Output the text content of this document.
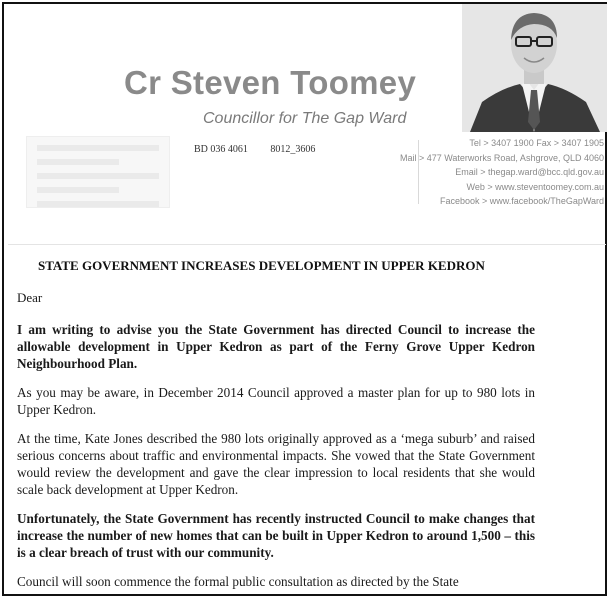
Cr Steven Toomey
Councillor for The Gap Ward
BD 036 4061 8012_3606
Tel > 3407 1900 Fax > 3407 1905
Mail > 477 Waterworks Road, Ashgrove, QLD 4060
Email > thegap.ward@bcc.qld.gov.au
Web > www.steventoomey.com.au
Facebook > www.facebook/TheGapWard
STATE GOVERNMENT INCREASES DEVELOPMENT IN UPPER KEDRON
Dear

I am writing to advise you the State Government has directed Council to increase the allowable development in Upper Kedron as part of the Ferny Grove Upper Kedron Neighbourhood Plan.

As you may be aware, in December 2014 Council approved a master plan for up to 980 lots in Upper Kedron.

At the time, Kate Jones described the 980 lots originally approved as a ‘mega suburb’ and raised serious concerns about traffic and environmental impacts. She vowed that the State Government would review the development and gave the clear impression to local residents that she would scale back development at Upper Kedron.

Unfortunately, the State Government has recently instructed Council to make changes that increase the number of new homes that can be built in Upper Kedron to around 1,500 – this is a clear breach of trust with our community.

Council will soon commence the formal public consultation as directed by the State
